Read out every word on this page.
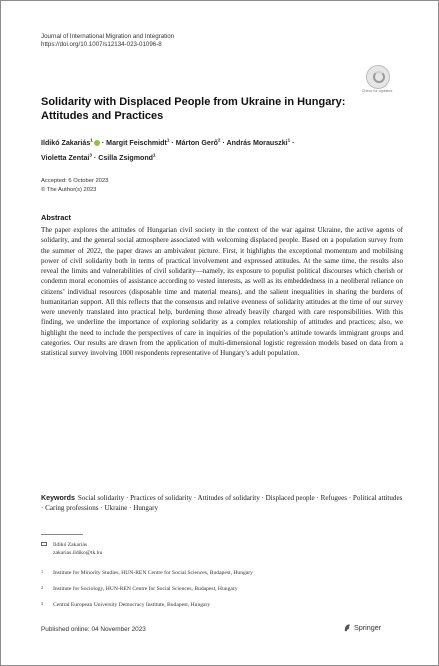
Journal of International Migration and Integration
https://doi.org/10.1007/s12134-023-01096-8
Check for updates
Solidarity with Displaced People from Ukraine in Hungary: Attitudes and Practices
Ildikó Zakariás$^1$ · Margit Feischmidt$^1$ · Márton Gerő$^2$ · András Morauszki$^1$ ·
Violetta Zentai$^3$ · Csilla Zsigmond$^1$
Accepted: 6 October 2023
© The Author(s) 2023
Abstract

The paper explores the attitudes of Hungarian civil society in the context of the war against Ukraine, the active agents of solidarity, and the general social atmosphere associated with welcoming displaced people. Based on a population survey from the summer of 2022, the paper draws an ambivalent picture. First, it highlights the exceptional momentum and mobilising power of civil solidarity both in terms of practical involvement and expressed attitudes. At the same time, the results also reveal the limits and vulnerabilities of civil solidarity—namely, its exposure to populist political discourses which cherish or condemn moral economies of assistance according to vested interests, as well as its embeddedness in a neoliberal reliance on citizens’ individual resources (disposable time and material means), and the salient inequalities in sharing the burdens of humanitarian support. All this reflects that the consensus and relative evenness of solidarity attitudes at the time of our survey were unevenly translated into practical help, burdening those already heavily charged with care responsibilities. With this finding, we underline the importance of exploring solidarity as a complex relationship of attitudes and practices; also, we highlight the need to include the perspectives of care in inquiries of the population’s attitude towards immigrant groups and categories. Our results are drawn from the application of multi-dimensional logistic regression models based on data from a statistical survey involving 1000 respondents representative of Hungary’s adult population.

Keywords Social solidarity · Practices of solidarity · Attitudes of solidarity · Displaced people · Refugees · Political attitudes · Caring professions · Ukraine · Hungary

Ildikó Zakariás
zakarias.ildiko@tk.hu
1 Institute for Minority Studies, HUN-REN Centre for Social Sciences, Budapest, Hungary
2 Institute for Sociology, HUN-REN Centre for Social Sciences, Budapest, Hungary
3 Central European University Democracy Institute, Budapest, Hungary
Published online: 04 November 2023	Springer
